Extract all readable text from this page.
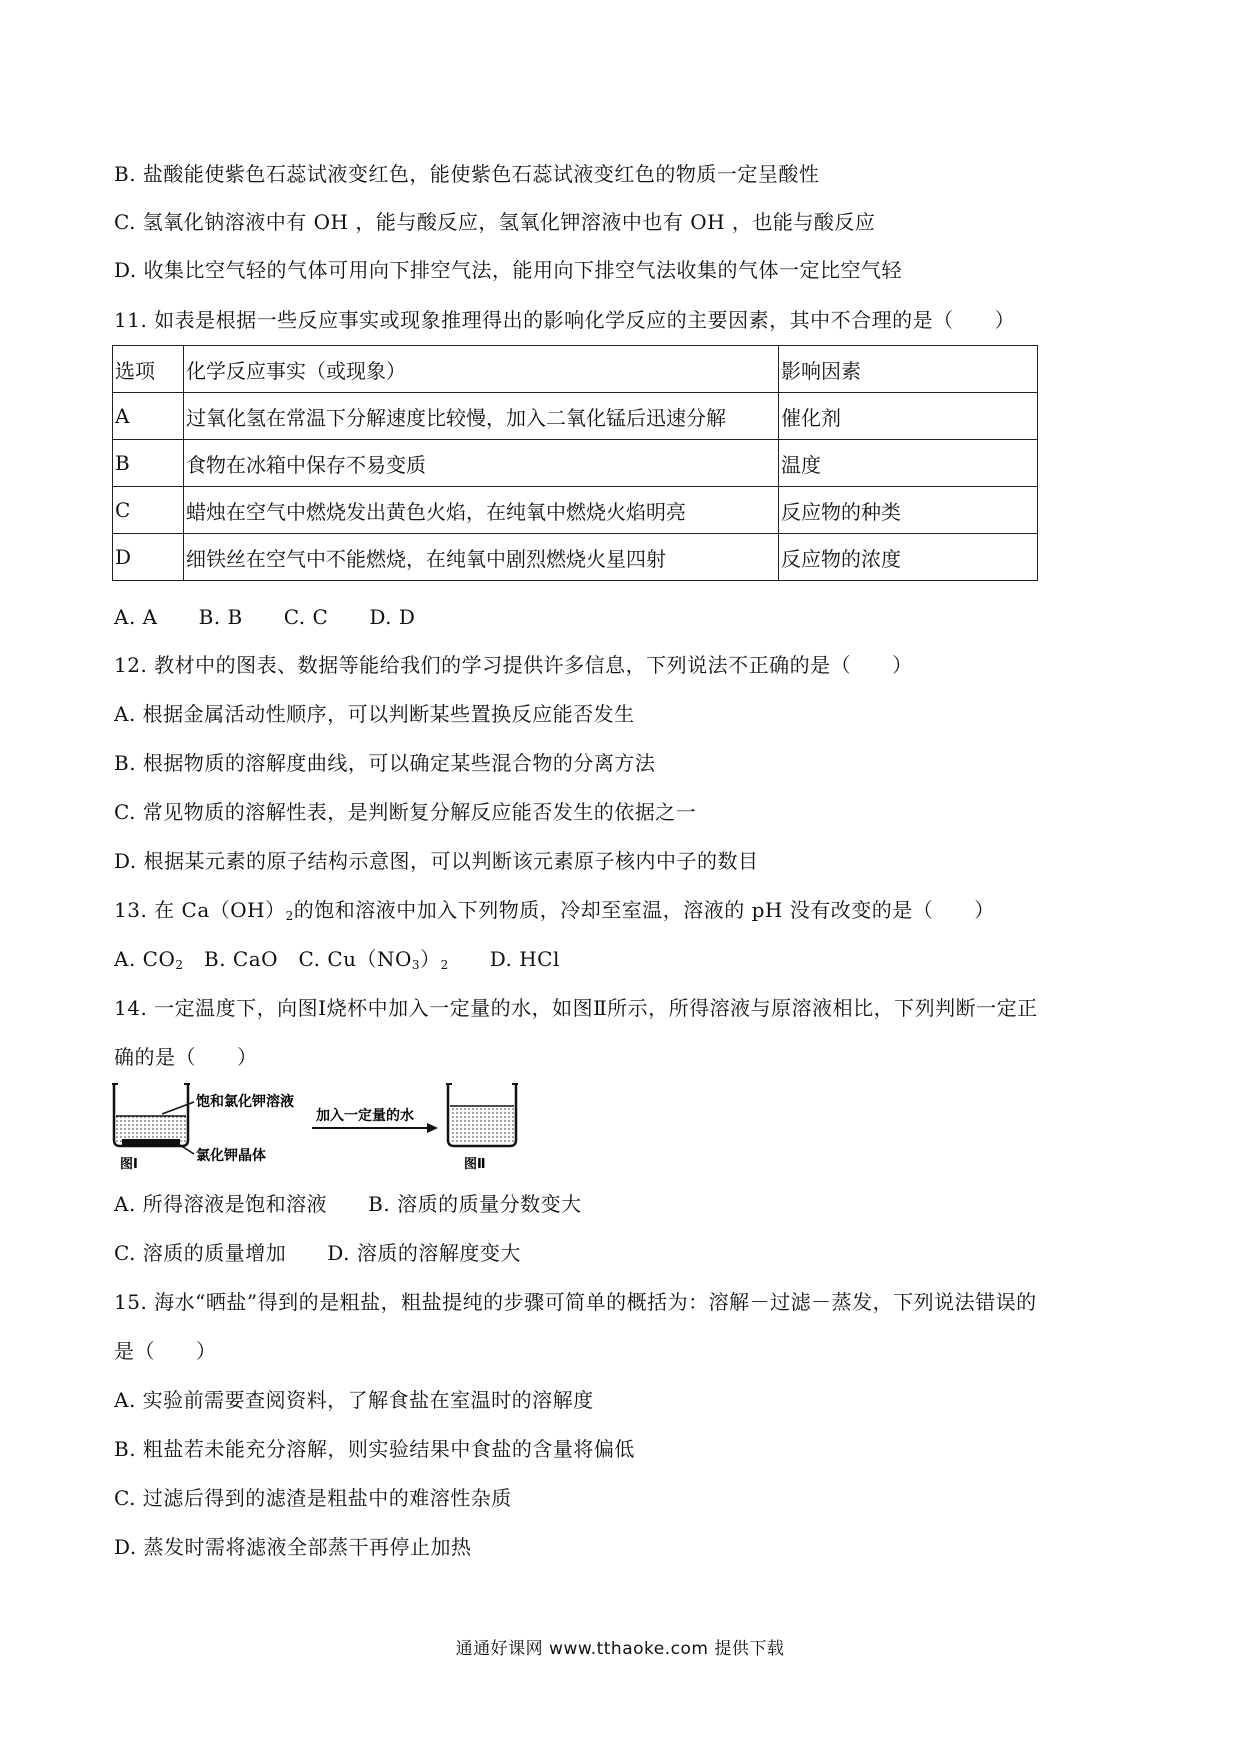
B. 盐酸能使紫色石蕊试液变红色，能使紫色石蕊试液变红色的物质一定呈酸性
C. 氢氧化钠溶液中有 OH ，能与酸反应，氢氧化钾溶液中也有 OH ，也能与酸反应
D. 收集比空气轻的气体可用向下排空气法，能用向下排空气法收集的气体一定比空气轻
11. 如表是根据一些反应事实或现象推理得出的影响化学反应的主要因素，其中不合理的是（　　）
选项	化学反应事实（或现象）	影响因素
A	过氧化氢在常温下分解速度比较慢，加入二氧化锰后迅速分解	催化剂
B	食物在冰箱中保存不易变质	温度
C	蜡烛在空气中燃烧发出黄色火焰，在纯氧中燃烧火焰明亮	反应物的种类
D	细铁丝在空气中不能燃烧，在纯氧中剧烈燃烧火星四射	反应物的浓度
A. A　　B. B　　C. C　　D. D
12. 教材中的图表、数据等能给我们的学习提供许多信息，下列说法不正确的是（　　）
A. 根据金属活动性顺序，可以判断某些置换反应能否发生
B. 根据物质的溶解度曲线，可以确定某些混合物的分离方法
C. 常见物质的溶解性表，是判断复分解反应能否发生的依据之一
D. 根据某元素的原子结构示意图，可以判断该元素原子核内中子的数目
13. 在 $Ca(OH)_2$的饱和溶液中加入下列物质，冷却至室温，溶液的 pH 没有改变的是（　　）
A. $CO_2$　B. CaO　C. $Cu(NO_3)_2$　　D. HCl
14. 一定温度下，向图Ⅰ烧杯中加入一定量的水，如图Ⅱ所示，所得溶液与原溶液相比，下列判断一定正
确的是（　　）
饱和氯化钾溶液
氯化钾晶体
图Ⅰ
加入一定量的水
图Ⅱ
A. 所得溶液是饱和溶液　　B. 溶质的质量分数变大
C. 溶质的质量增加　　D. 溶质的溶解度变大
15. 海水“晒盐”得到的是粗盐，粗盐提纯的步骤可简单的概括为：溶解－过滤－蒸发，下列说法错误的
是（　　）
A. 实验前需要查阅资料，了解食盐在室温时的溶解度
B. 粗盐若未能充分溶解，则实验结果中食盐的含量将偏低
C. 过滤后得到的滤渣是粗盐中的难溶性杂质
D. 蒸发时需将滤液全部蒸干再停止加热
通通好课网 www.tthaoke.com 提供下载
